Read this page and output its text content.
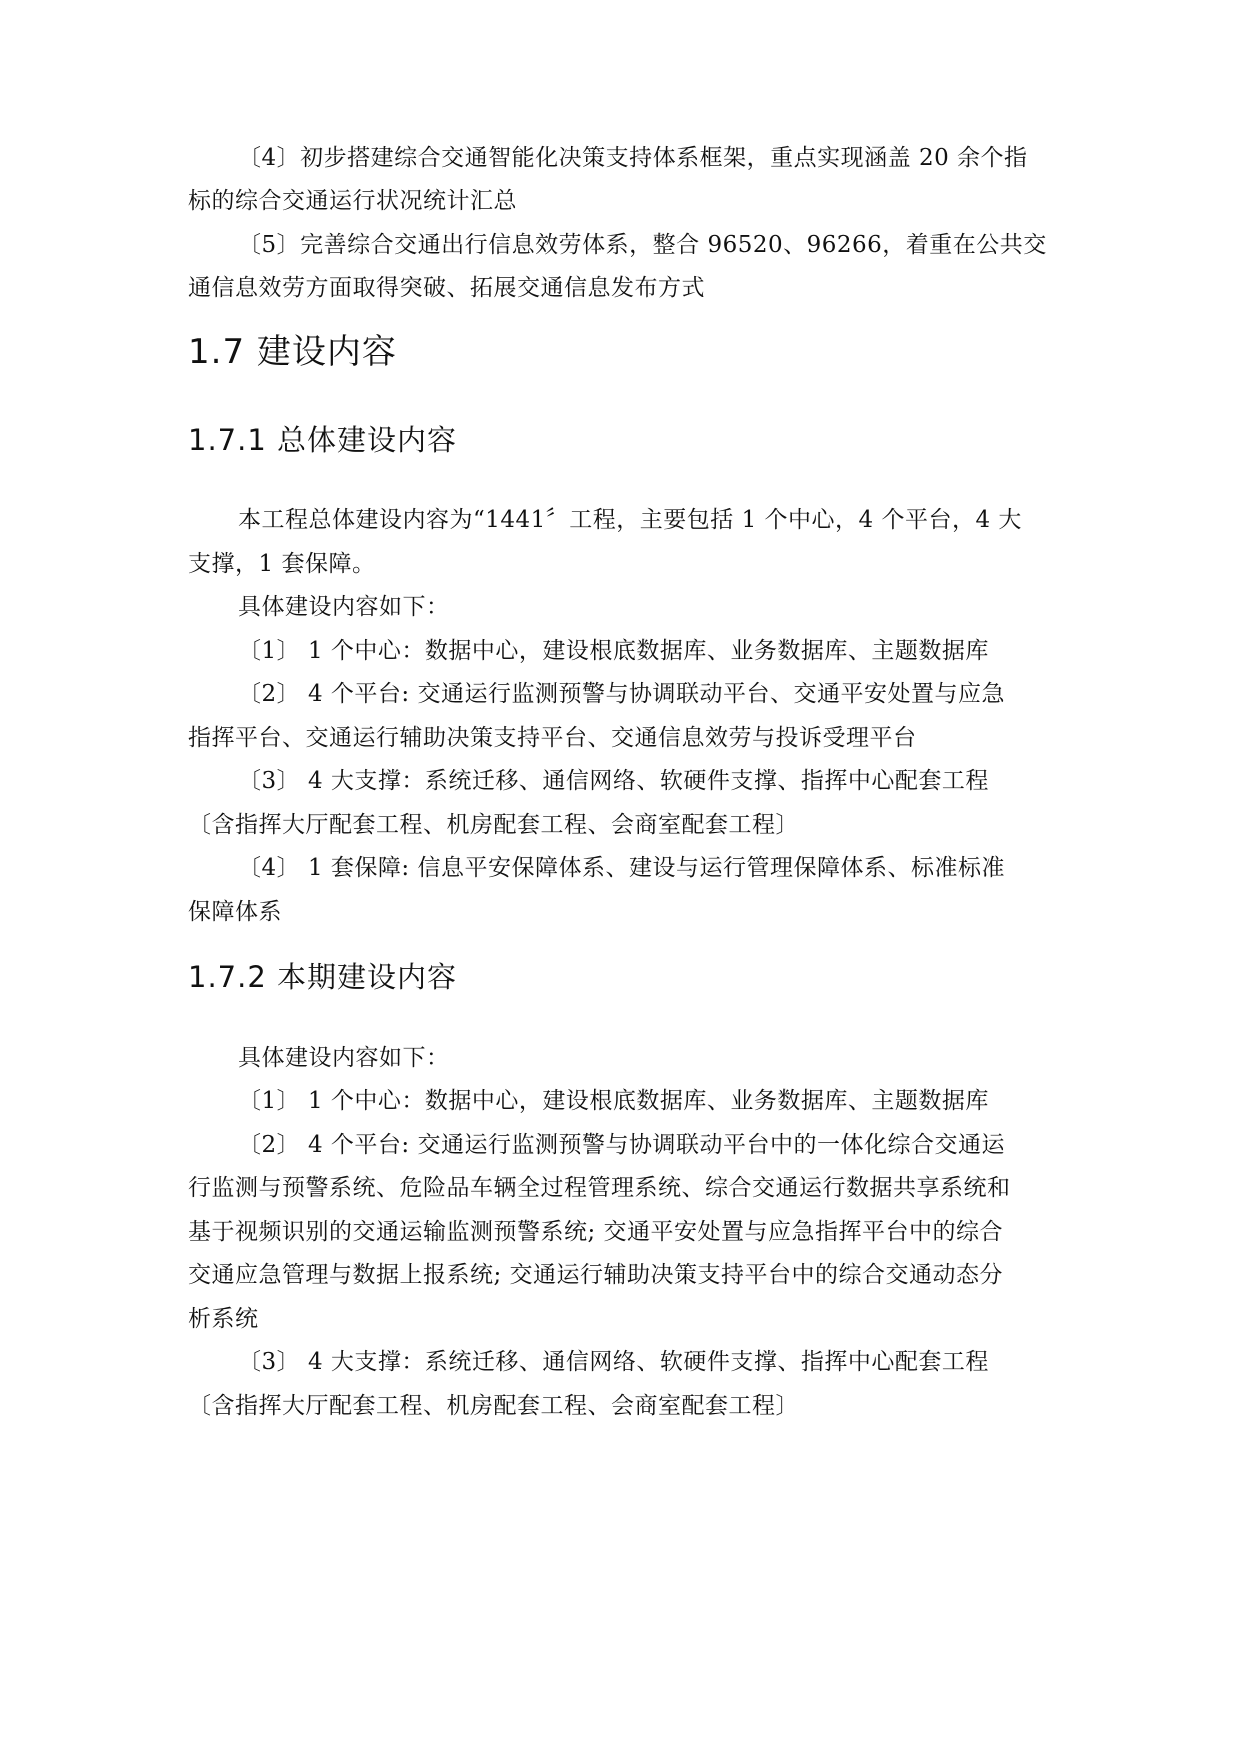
〔4〕初步搭建综合交通智能化决策支持体系框架，重点实现涵盖 20 余个指
标的综合交通运行状况统计汇总
〔5〕完善综合交通出行信息效劳体系，整合 96520、96266，着重在公共交
通信息效劳方面取得突破、拓展交通信息发布方式
1.7 建设内容
1.7.1 总体建设内容
本工程总体建设内容为“1441〞工程，主要包括 1 个中心，4 个平台，4 大
支撑，1 套保障。
具体建设内容如下：
〔1〕 1 个中心：数据中心，建设根底数据库、业务数据库、主题数据库
〔2〕 4 个平台: 交通运行监测预警与协调联动平台、交通平安处置与应急
指挥平台、交通运行辅助决策支持平台、交通信息效劳与投诉受理平台
〔3〕 4 大支撑：系统迁移、通信网络、软硬件支撑、指挥中心配套工程
〔含指挥大厅配套工程、机房配套工程、会商室配套工程〕
〔4〕 1 套保障: 信息平安保障体系、建设与运行管理保障体系、标准标准
保障体系
1.7.2 本期建设内容
具体建设内容如下：
〔1〕 1 个中心：数据中心，建设根底数据库、业务数据库、主题数据库
〔2〕 4 个平台: 交通运行监测预警与协调联动平台中的一体化综合交通运
行监测与预警系统、危险品车辆全过程管理系统、综合交通运行数据共享系统和
基于视频识别的交通运输监测预警系统; 交通平安处置与应急指挥平台中的综合
交通应急管理与数据上报系统; 交通运行辅助决策支持平台中的综合交通动态分
析系统
〔3〕 4 大支撑：系统迁移、通信网络、软硬件支撑、指挥中心配套工程
〔含指挥大厅配套工程、机房配套工程、会商室配套工程〕
